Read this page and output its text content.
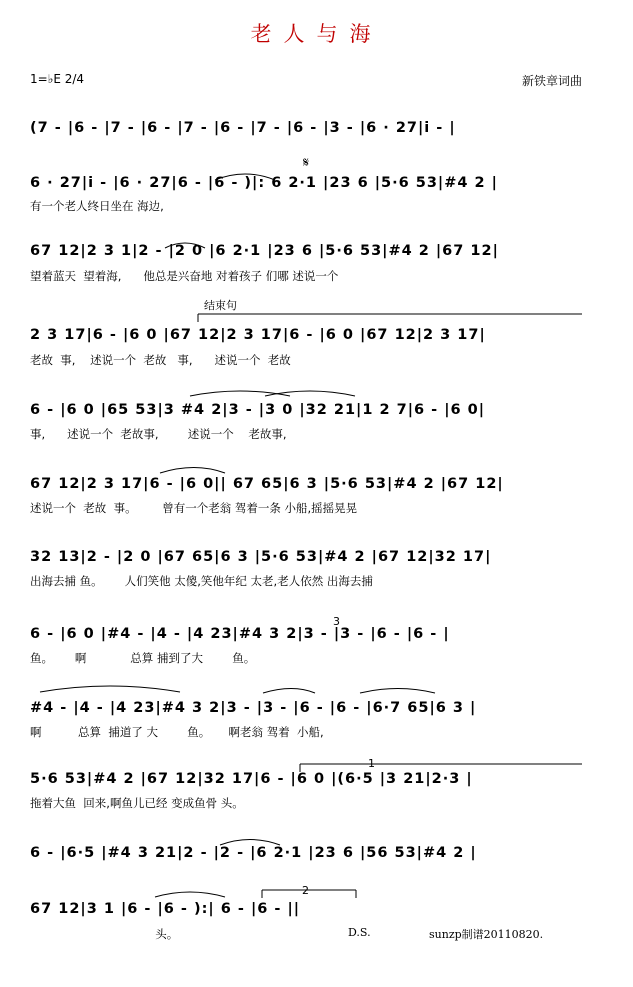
老人与海
1=♭E 2/4	新铁章词曲
(7 - |6 - |7 - |6 - |7 - |6 - |7 - |6 - |3 - |6 · 27|i - |
6 · 27|i - |6 · 27|6 - |6 - )|: 6 2·1 |23 6 |5·6 53|#4 2 |
有一个老人终日坐在 海边,
67 12|2 3 1|2 - |2 0 |6 2·1 |23 6 |5·6 53|#4 2 |67 12|
望着蓝天  望着海,      他总是兴奋地 对着孩子 们哪 述说一个
2 3 17|6 - |6 0 |67 12|2 3 17|6 - |6 0 |67 12|2 3 17|
老故  事,    述说一个  老故   事,      述说一个  老故
6 - |6 0 |65 53|3 #4 2|3 - |3 0 |32 21|1 2 7|6 - |6 0|
事,      述说一个  老故事,        述说一个    老故事,
67 12|2 3 17|6 - |6 0|| 67 65|6 3 |5·6 53|#4 2 |67 12|
述说一个  老故  事。       曾有一个老翁 驾着一条 小船,摇摇晃晃
32 13|2 - |2 0 |67 65|6 3 |5·6 53|#4 2 |67 12|32 17|
出海去捕 鱼。      人们笑他 太傻,笑他年纪 太老,老人依然 出海去捕
6 - |6 0 |#4 - |4 - |4 23|#4 3 2|3 - |3 - |6 - |6 - |
鱼。      啊            总算 捕到了大        鱼。
#4 - |4 - |4 23|#4 3 2|3 - |3 - |6 - |6 - |6·7 65|6 3 |
啊          总算  捕道了 大        鱼。     啊老翁 驾着  小船,
5·6 53|#4 2 |67 12|32 17|6 - |6 0 |(6·5 |3 21|2·3 |
拖着大鱼  回来,啊鱼儿已经 变成鱼骨 头。
6 - |6·5 |#4 3 21|2 - |2 - |6 2·1 |23 6 |56 53|#4 2 |
67 12|3 1 |6 - |6 - ):| 6 - |6 - ||
头。
𝄋
结束句
1
2
3
D.S.	sunzp制谱20110820.
